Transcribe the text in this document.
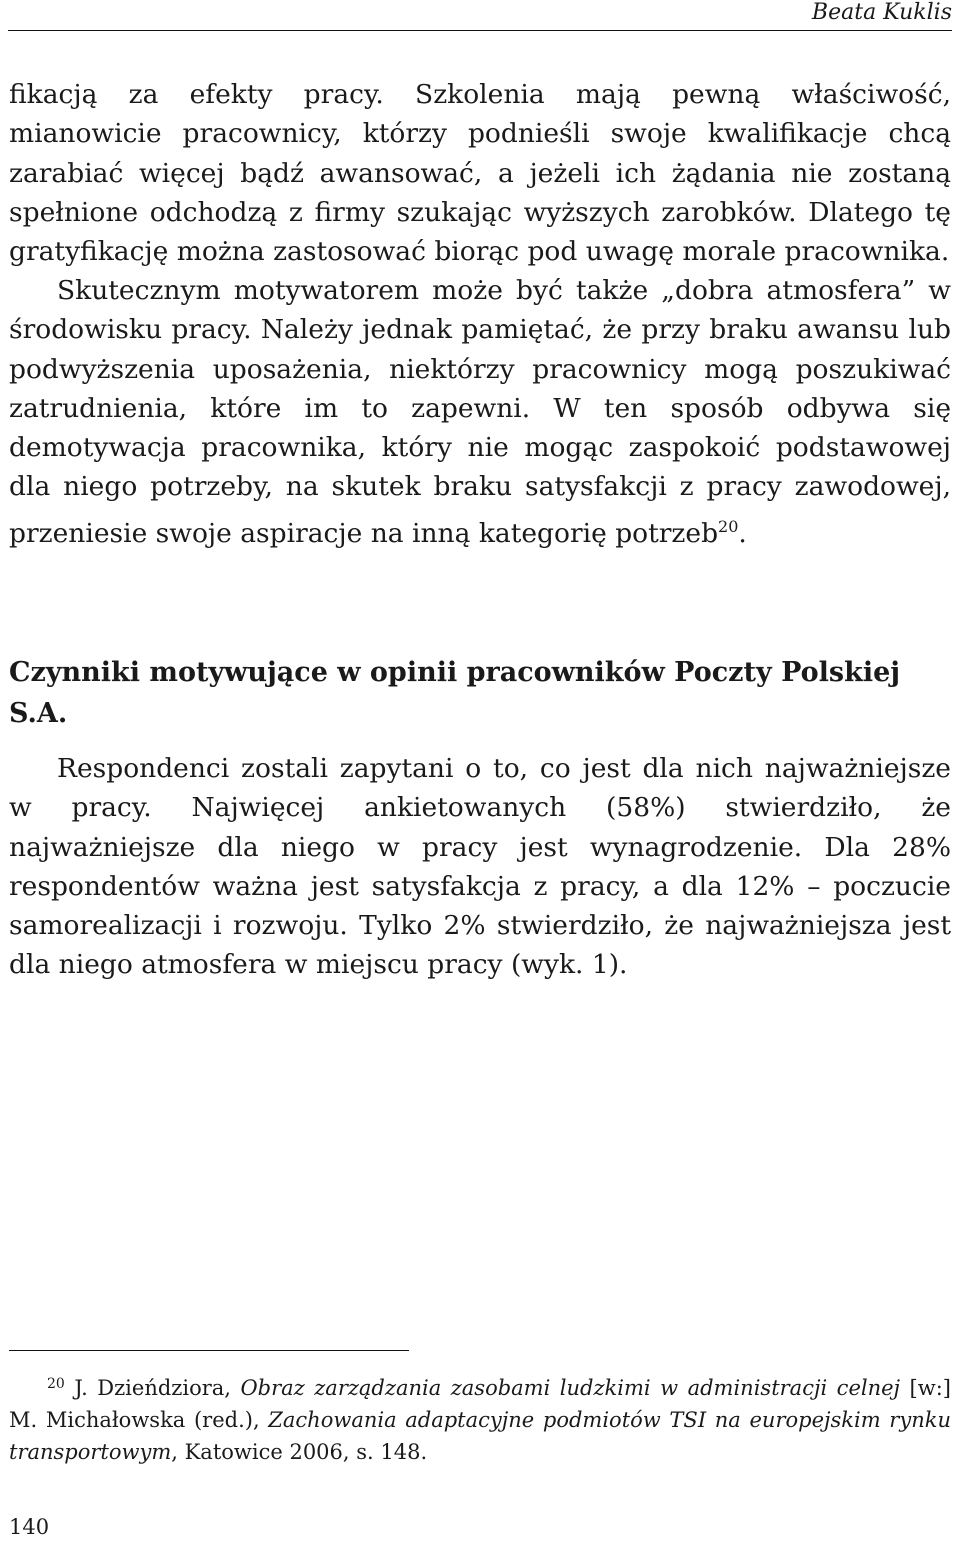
Beata Kuklis

fikacją za efekty pracy. Szkolenia mają pewną właściwość, mianowicie pracownicy, którzy podnieśli swoje kwalifikacje chcą zarabiać więcej bądź awansować, a jeżeli ich żądania nie zostaną spełnione odchodzą z firmy szukając wyższych zarobków. Dlatego tę gratyfikację można zastosować biorąc pod uwagę morale pracownika.

Skutecznym motywatorem może być także „dobra atmosfera” w środowisku pracy. Należy jednak pamiętać, że przy braku awansu lub podwyższenia uposażenia, niektórzy pracownicy mogą poszukiwać zatrudnienia, które im to zapewni. W ten sposób odbywa się demotywacja pracownika, który nie mogąc zaspokoić podstawowej dla niego potrzeby, na skutek braku satysfakcji z pracy zawodowej, przeniesie swoje aspiracje na inną kategorię potrzeb$^{20}$.

Czynniki motywujące w opinii pracowników Poczty Polskiej S.A.

Respondenci zostali zapytani o to, co jest dla nich najważniejsze w pracy. Najwięcej ankietowanych (58%) stwierdziło, że najważniejsze dla niego w pracy jest wynagrodzenie. Dla 28% respondentów ważna jest satysfakcja z pracy, a dla 12% – poczucie samorealizacji i rozwoju. Tylko 2% stwierdziło, że najważniejsza jest dla niego atmosfera w miejscu pracy (wyk. 1).

$^{20}$ J. Dzieńdziora, Obraz zarządzania zasobami ludzkimi w administracji celnej [w:] M. Michałowska (red.), Zachowania adaptacyjne podmiotów TSI na europejskim rynku transportowym, Katowice 2006, s. 148.

140
